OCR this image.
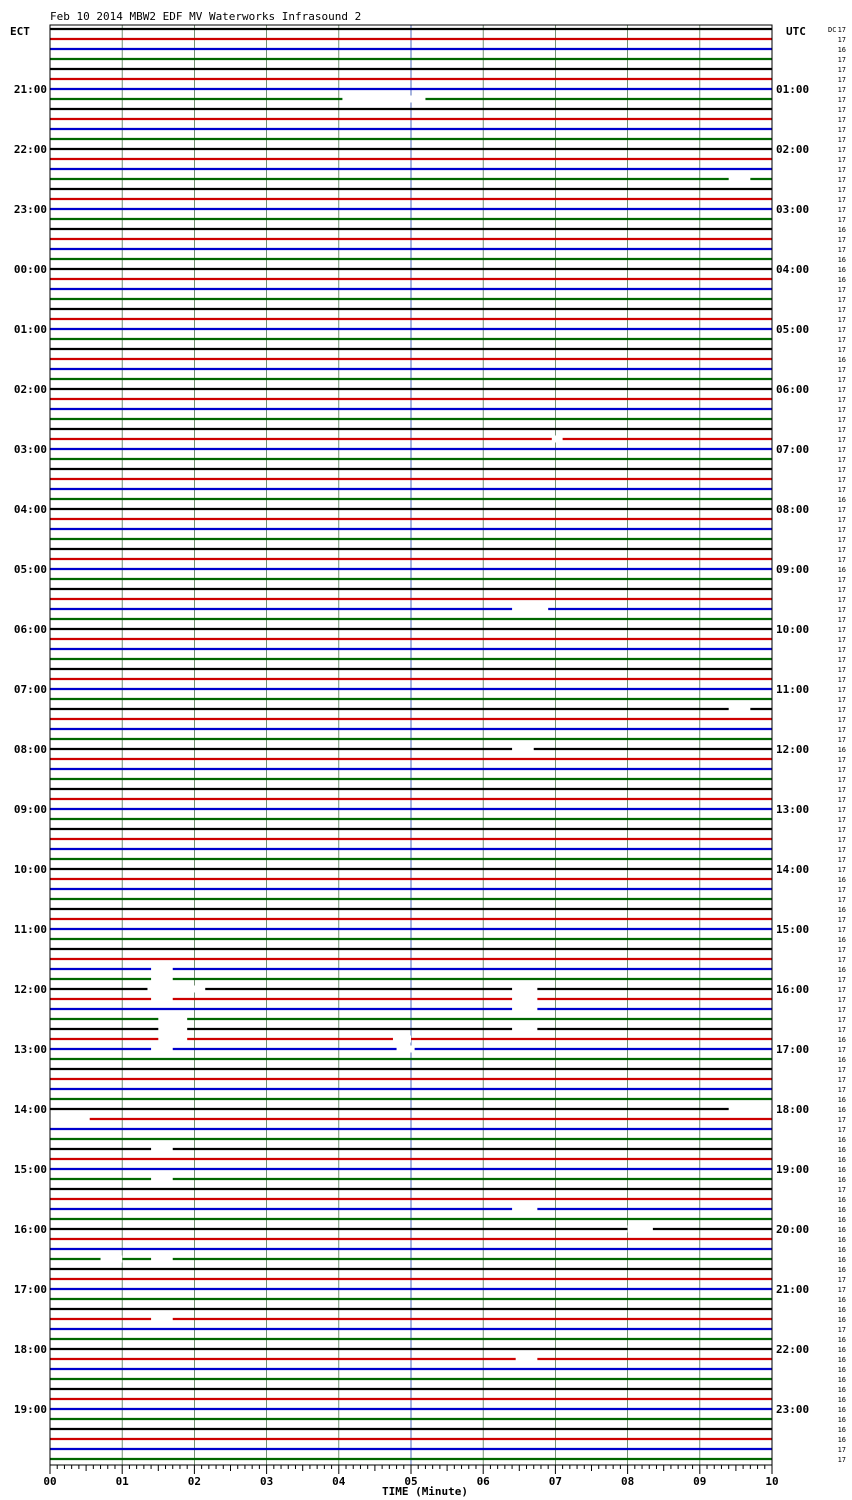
Feb 10 2014 MBW2 EDF MV Waterworks Infrasound 2
ECT	UTC	DC
21:00
22:00
23:00
00:00
01:00
02:00
03:00
04:00
05:00
06:00
07:00
08:00
09:00
10:00
11:00
12:00
13:00
14:00
15:00
16:00
17:00
18:00
19:00
01:00
02:00
03:00
04:00
05:00
06:00
07:00
08:00
09:00
10:00
11:00
12:00
13:00
14:00
15:00
16:00
17:00
18:00
19:00
20:00
21:00
22:00
23:00
17
17
16
17
17
17
17
17
17
17
17
17
17
17
17
17
17
17
17
17
16
17
17
16
16
16
17
17
17
17
17
17
17
16
17
17
17
17
17
17
17
17
17
17
17
17
17
16
17
17
17
17
17
17
16
17
17
17
17
17
17
17
17
17
17
17
17
17
17
17
17
17
16
17
17
17
17
17
17
17
17
17
17
17
17
16
17
17
16
17
17
16
17
17
16
17
17
17
17
17
17
16
17
16
17
17
17
16
16
17
17
16
16
16
16
16
17
16
16
16
16
16
16
16
16
17
17
16
16
16
17
16
16
16
16
16
16
16
16
16
16
16
17
17
00	01	02	03	04	05	06	07	08	09	10
TIME (Minute)
